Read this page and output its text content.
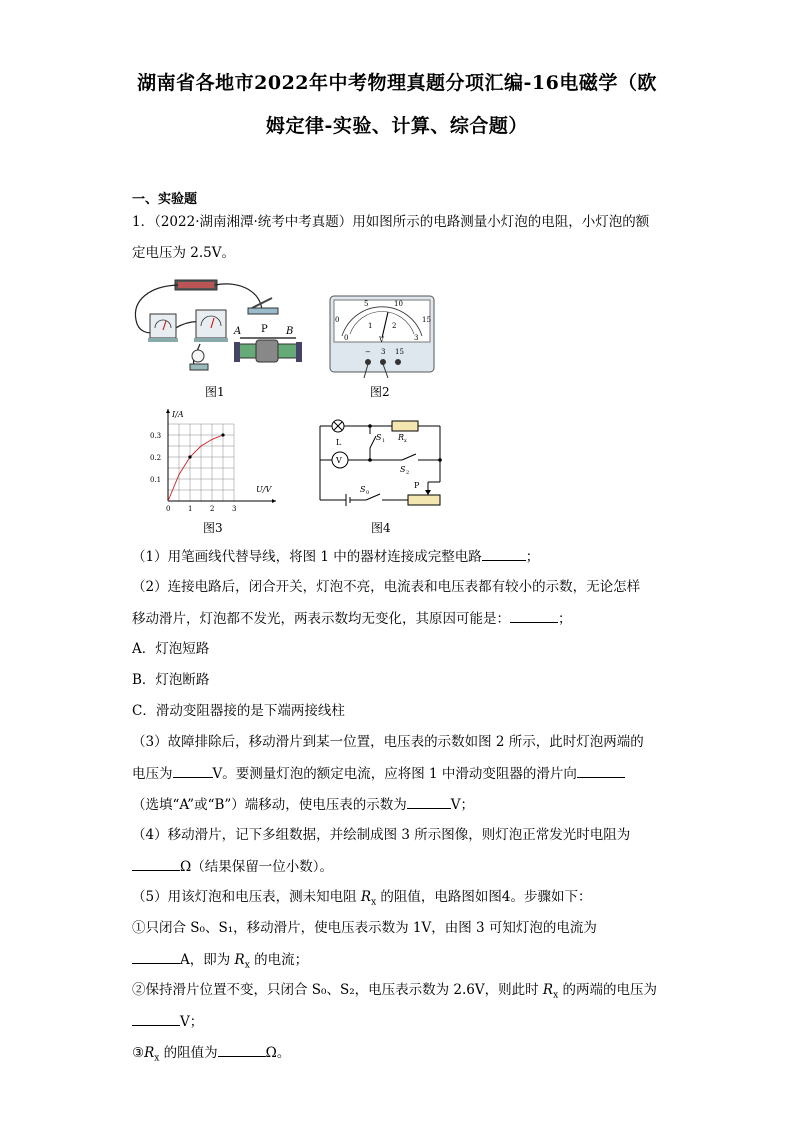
湖南省各地市2022年中考物理真题分项汇编-16电磁学（欧
姆定律-实验、计算、综合题）
一、实验题
1．（2022·湖南湘潭·统考中考真题）用如图所示的电路测量小灯泡的电阻，小灯泡的额
定电压为 2.5V。
A P B
图1
0
5	10
15
0
1	2
3
V
− 3 15
图2
0	1	2	3
0.1
0.2
0.3
I/A
U/V
图3
L
V
S 1 R x
S 2
S 0
P
图4
（1）用笔画线代替导线，将图 1 中的器材连接成完整电路	；
（2）连接电路后，闭合开关，灯泡不亮，电流表和电压表都有较小的示数，无论怎样
移动滑片，灯泡都不发光，两表示数均无变化，其原因可能是：	；
A．灯泡短路
B．灯泡断路
C．滑动变阻器接的是下端两接线柱
（3）故障排除后，移动滑片到某一位置，电压表的示数如图 2 所示，此时灯泡两端的
电压为	V。要测量灯泡的额定电流，应将图 1 中滑动变阻器的滑片向
（选填“A”或“B”）端移动，使电压表的示数为	V；
（4）移动滑片，记下多组数据，并绘制成图 3 所示图像，则灯泡正常发光时电阻为
Ω（结果保留一位小数）。
（5）用该灯泡和电压表，测未知电阻 $R_x$ 的阻值，电路图如图4。步骤如下：
①只闭合 S₀、S₁，移动滑片，使电压表示数为 1V，由图 3 可知灯泡的电流为
A，即为 $R_x$ 的电流；
②保持滑片位置不变，只闭合 S₀、S₂，电压表示数为 2.6V，则此时 $R_x$ 的两端的电压为
V；
$③R_x$ 的阻值为	Ω。
